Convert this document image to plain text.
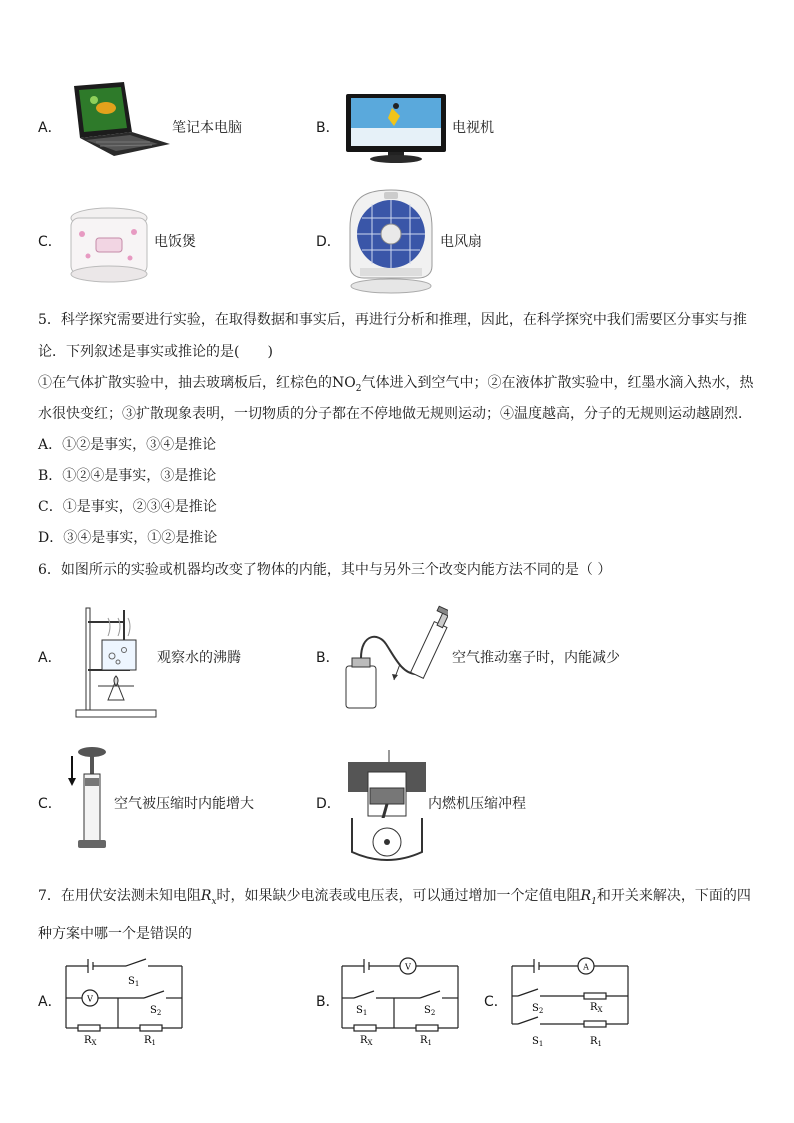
A．	笔记本电脑	B．	电视机
C．	电饭煲	D．	电风扇
5．科学探究需要进行实验，在取得数据和事实后，再进行分析和推理，因此，在科学探究中我们需要区分事实与推
论．下列叙述是事实或推论的是(　　)
①在气体扩散实验中，抽去玻璃板后，红棕色的$NO_2$气体进入到空气中；②在液体扩散实验中，红墨水滴入热水，热
水很快变红；③扩散现象表明，一切物质的分子都在不停地做无规则运动；④温度越高，分子的无规则运动越剧烈．
A．①②是事实，③④是推论
B．①②④是事实，③是推论
C．①是事实，②③④是推论
D．③④是事实，①②是推论
6．如图所示的实验或机器均改变了物体的内能，其中与另外三个改变内能方法不同的是（ ）
A．	观察水的沸腾	B．	空气推动塞子时，内能减少
C．	空气被压缩时内能增大	D．	内燃机压缩冲程
7．在用伏安法测未知电阻$R_x$时，如果缺少电流表或电压表，可以通过增加一个定值电阻$R_1$和开关来解决，下面的四
种方案中哪一个是错误的
A．	V
$S_1$
$S_2$
$R_X$	$R_1$
B．
V
$S_1$	$S_2$
$R_X$	$R_1$
C．
A
$S_2$	$R_X$
$S_1$	$R_1$
